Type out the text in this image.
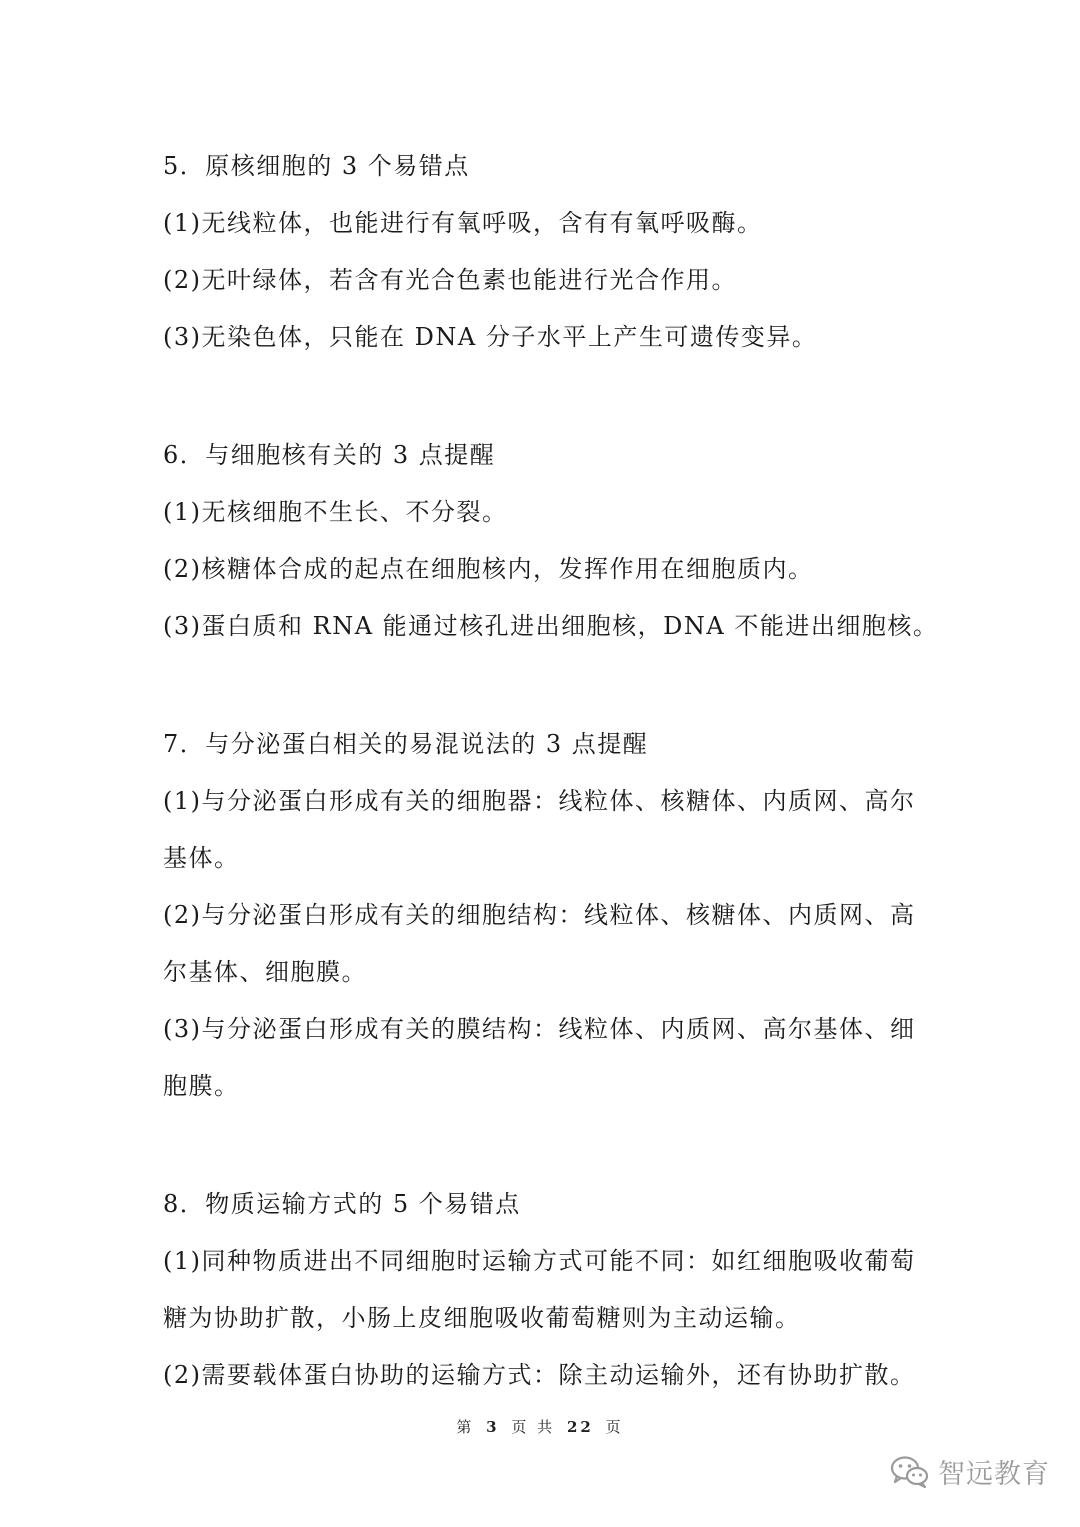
5．原核细胞的 3 个易错点

(1)无线粒体，也能进行有氧呼吸，含有有氧呼吸酶。

(2)无叶绿体，若含有光合色素也能进行光合作用。

(3)无染色体，只能在 DNA 分子水平上产生可遗传变异。

6．与细胞核有关的 3 点提醒

(1)无核细胞不生长、不分裂。

(2)核糖体合成的起点在细胞核内，发挥作用在细胞质内。

(3)蛋白质和 RNA 能通过核孔进出细胞核，DNA 不能进出细胞核。

7．与分泌蛋白相关的易混说法的 3 点提醒

(1)与分泌蛋白形成有关的细胞器：线粒体、核糖体、内质网、高尔

基体。

(2)与分泌蛋白形成有关的细胞结构：线粒体、核糖体、内质网、高

尔基体、细胞膜。

(3)与分泌蛋白形成有关的膜结构：线粒体、内质网、高尔基体、细

胞膜。

8．物质运输方式的 5 个易错点

(1)同种物质进出不同细胞时运输方式可能不同：如红细胞吸收葡萄

糖为协助扩散，小肠上皮细胞吸收葡萄糖则为主动运输。

(2)需要载体蛋白协助的运输方式：除主动运输外，还有协助扩散。

第 3 页 共 22 页
智远教育
